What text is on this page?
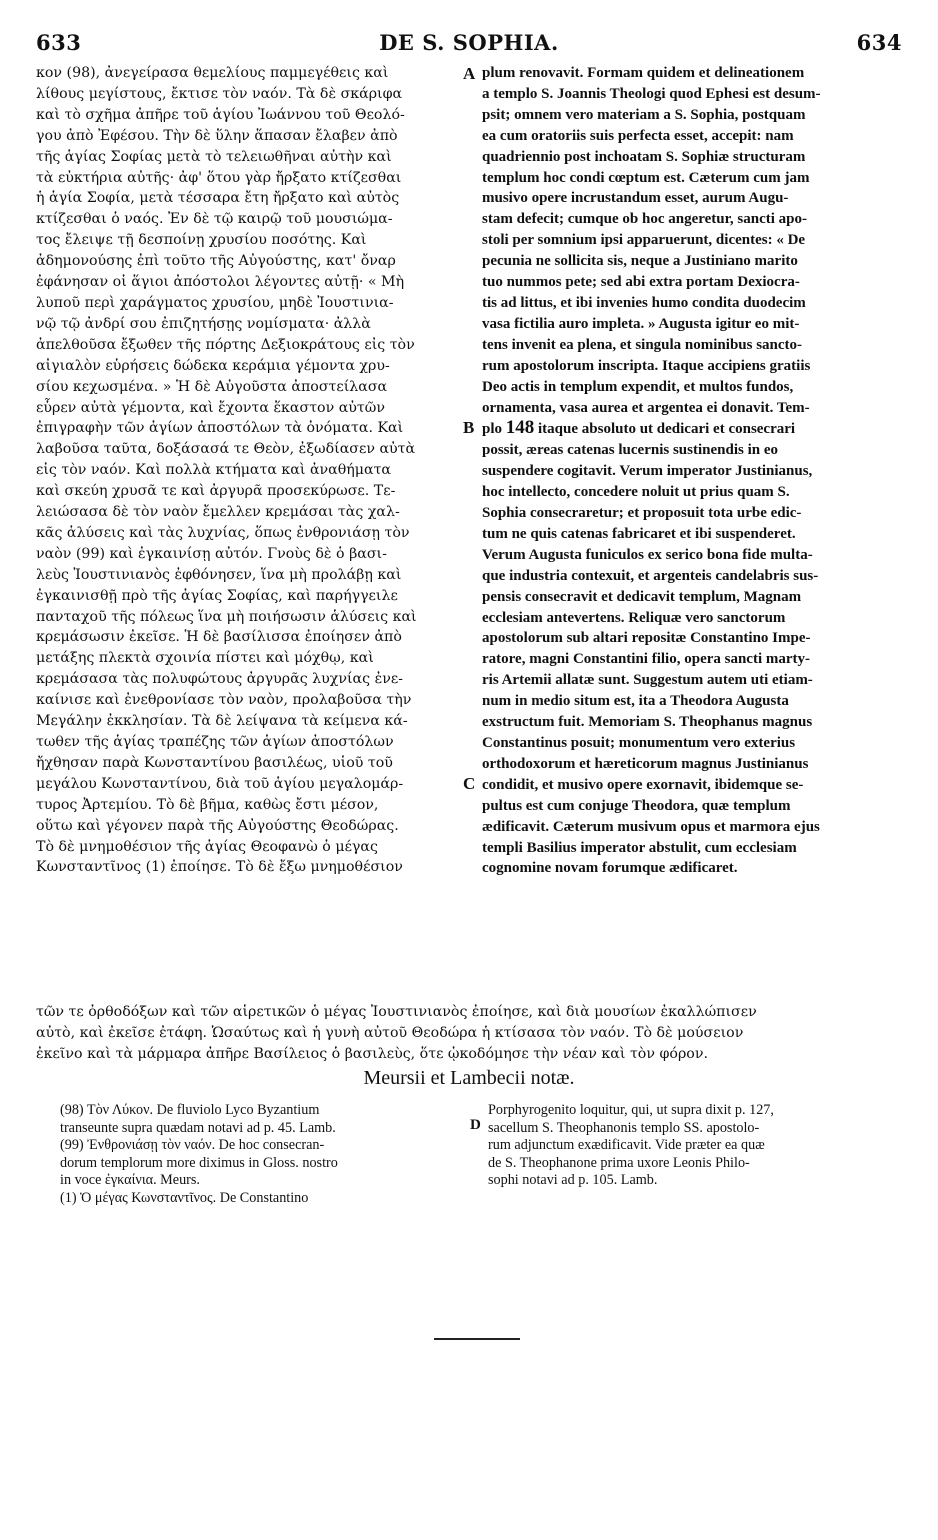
633	DE S. SOPHIA.	634
κον (98), ἀνεγείρασα θεμελίους παμμεγέθεις καὶ
λίθους μεγίστους, ἔκτισε τὸν ναόν. Τὰ δὲ σκάριφα
καὶ τὸ σχῆμα ἀπῆρε τοῦ ἁγίου Ἰωάννου τοῦ Θεολό-
γου ἀπὸ Ἐφέσου. Τὴν δὲ ὕλην ἅπασαν ἔλαβεν ἀπὸ
τῆς ἁγίας Σοφίας μετὰ τὸ τελειωθῆναι αὐτὴν καὶ
τὰ εὐκτήρια αὐτῆς· ἀφ' ὅτου γὰρ ἤρξατο κτίζεσθαι
ἡ ἁγία Σοφία, μετὰ τέσσαρα ἔτη ἤρξατο καὶ αὐτὸς
κτίζεσθαι ὁ ναός. Ἐν δὲ τῷ καιρῷ τοῦ μουσιώμα-
τος ἔλειψε τῇ δεσποίνῃ χρυσίου ποσότης. Καὶ
ἀδημονούσης ἐπὶ τοῦτο τῆς Αὐγούστης, κατ' ὄναρ
ἐφάνησαν οἱ ἅγιοι ἀπόστολοι λέγοντες αὐτῇ· « Μὴ
λυποῦ περὶ χαράγματος χρυσίου, μηδὲ Ἰουστινια-
νῷ τῷ ἀνδρί σου ἐπιζητήσῃς νομίσματα· ἀλλὰ
ἀπελθοῦσα ἔξωθεν τῆς πόρτης Δεξιοκράτους εἰς τὸν
αἰγιαλὸν εὑρήσεις δώδεκα κεράμια γέμοντα χρυ-
σίου κεχωσμένα. » Ἡ δὲ Αὐγοῦστα ἀποστείλασα
εὗρεν αὐτὰ γέμοντα, καὶ ἔχοντα ἕκαστον αὐτῶν
ἐπιγραφὴν τῶν ἁγίων ἀποστόλων τὰ ὀνόματα. Καὶ
λαβοῦσα ταῦτα, δοξάσασά τε Θεὸν, ἐξωδίασεν αὐτὰ
εἰς τὸν ναόν. Καὶ πολλὰ κτήματα καὶ ἀναθήματα
καὶ σκεύη χρυσᾶ τε καὶ ἀργυρᾶ προσεκύρωσε. Τε-
λειώσασα δὲ τὸν ναὸν ἔμελλεν κρεμάσαι τὰς χαλ-
κᾶς ἁλύσεις καὶ τὰς λυχνίας, ὅπως ἐνθρονιάσῃ τὸν
ναὸν (99) καὶ ἐγκαινίσῃ αὐτόν. Γνοὺς δὲ ὁ βασι-
λεὺς Ἰουστινιανὸς ἐφθόνησεν, ἵνα μὴ προλάβῃ καὶ
ἐγκαινισθῇ πρὸ τῆς ἁγίας Σοφίας, καὶ παρήγγειλε
πανταχοῦ τῆς πόλεως ἵνα μὴ ποιήσωσιν ἁλύσεις καὶ
κρεμάσωσιν ἐκεῖσε. Ἡ δὲ βασίλισσα ἐποίησεν ἀπὸ
μετάξης πλεκτὰ σχοινία πίστει καὶ μόχθῳ, καὶ
κρεμάσασα τὰς πολυφώτους ἀργυρᾶς λυχνίας ἐνε-
καίνισε καὶ ἐνεθρονίασε τὸν ναὸν, προλαβοῦσα τὴν
Μεγάλην ἐκκλησίαν. Τὰ δὲ λείψανα τὰ κείμενα κά-
τωθεν τῆς ἁγίας τραπέζης τῶν ἁγίων ἀποστόλων
ἤχθησαν παρὰ Κωνσταντίνου βασιλέως, υἱοῦ τοῦ
μεγάλου Κωνσταντίνου, διὰ τοῦ ἁγίου μεγαλομάρ-
τυρος Ἀρτεμίου. Τὸ δὲ βῆμα, καθὼς ἔστι μέσον,
οὕτω καὶ γέγονεν παρὰ τῆς Αὐγούστης Θεοδώρας.
Τὸ δὲ μνημοθέσιον τῆς ἁγίας Θεοφανὼ ὁ μέγας
Κωνσταντῖνος (1) ἐποίησε. Τὸ δὲ ἔξω μνημοθέσιον
plum renovavit. Formam quidem et delineationem
a templo S. Joannis Theologi quod Ephesi est desum-
psit; omnem vero materiam a S. Sophia, postquam
ea cum oratoriis suis perfecta esset, accepit: nam
quadriennio post inchoatam S. Sophiæ structuram
templum hoc condi cœptum est. Cæterum cum jam
musivo opere incrustandum esset, aurum Augu-
stam defecit; cumque ob hoc angeretur, sancti apo-
stoli per somnium ipsi apparuerunt, dicentes: « De
pecunia ne sollicita sis, neque a Justiniano marito
tuo nummos pete; sed abi extra portam Dexiocra-
tis ad littus, et ibi invenies humo condita duodecim
vasa fictilia auro impleta. » Augusta igitur eo mit-
tens invenit ea plena, et singula nominibus sancto-
rum apostolorum inscripta. Itaque accipiens gratiis
Deo actis in templum expendit, et multos fundos,
ornamenta, vasa aurea et argentea ei donavit. Tem-
plo 148 itaque absoluto ut dedicari et consecrari
possit, æreas catenas lucernis sustinendis in eo
suspendere cogitavit. Verum imperator Justinianus,
hoc intellecto, concedere noluit ut prius quam S.
Sophia consecraretur; et proposuit tota urbe edic-
tum ne quis catenas fabricaret et ibi suspenderet.
Verum Augusta funiculos ex serico bona fide multa-
que industria contexuit, et argenteis candelabris sus-
pensis consecravit et dedicavit templum, Magnam
ecclesiam antevertens. Reliquæ vero sanctorum
apostolorum sub altari repositæ Constantino Impe-
ratore, magni Constantini filio, opera sancti marty-
ris Artemii allatæ sunt. Suggestum autem uti etiam-
num in medio situm est, ita a Theodora Augusta
exstructum fuit. Memoriam S. Theophanus magnus
Constantinus posuit; monumentum vero exterius
orthodoxorum et hæreticorum magnus Justinianus
condidit, et musivo opere exornavit, ibidemque se-
pultus est cum conjuge Theodora, quæ templum
ædificavit. Cæterum musivum opus et marmora ejus
templi Basilius imperator abstulit, cum ecclesiam
cognomine novam forumque ædificaret.
A
B
C
τῶν τε ὀρθοδόξων καὶ τῶν αἱρετικῶν ὁ μέγας Ἰουστινιανὸς ἐποίησε, καὶ διὰ μουσίων ἐκαλλώπισεν
αὐτὸ, καὶ ἐκεῖσε ἐτάφη. Ὡσαύτως καὶ ἡ γυνὴ αὐτοῦ Θεοδώρα ἡ κτίσασα τὸν ναόν. Τὸ δὲ μούσειον
ἐκεῖνο καὶ τὰ μάρμαρα ἀπῆρε Βασίλειος ὁ βασιλεὺς, ὅτε ᾠκοδόμησε τὴν νέαν καὶ τὸν φόρον.
Meursii et Lambecii notæ.
(98) Τὸν Λύκον. De fluviolo Lyco Byzantium
transeunte supra quædam notavi ad p. 45. Lamb.
(99) Ἐνθρονιάσῃ τὸν ναόν. De hoc consecran-
dorum templorum more diximus in Gloss. nostro
in voce ἐγκαίνια. Meurs.
(1) Ὁ μέγας Κωνσταντῖνος. De Constantino
D
Porphyrogenito loquitur, qui, ut supra dixit p. 127,
sacellum S. Theophanonis templo SS. apostolo-
rum adjunctum exædificavit. Vide præter ea quæ
de S. Theophanone prima uxore Leonis Philo-
sophi notavi ad p. 105. Lamb.
